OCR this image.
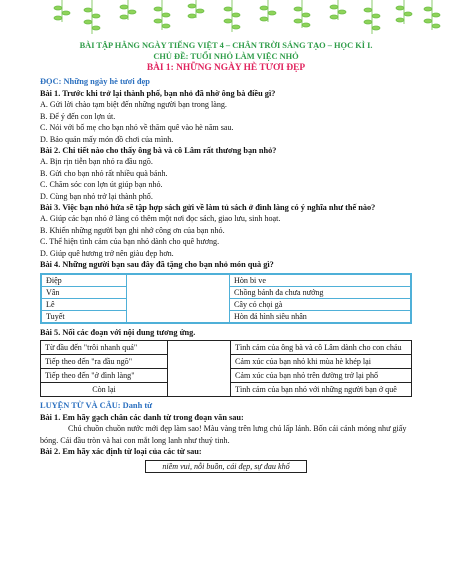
BÀI TẬP HẰNG NGÀY TIẾNG VIỆT 4 – CHÂN TRỜI SÁNG TẠO – HỌC KÌ I.
CHỦ ĐỀ: TUỔI NHỎ LÀM VIỆC NHỎ
BÀI 1: NHỮNG NGÀY HÈ TƯƠI ĐẸP
ĐỌC: Những ngày hè tươi đẹp
Bài 1. Trước khi trở lại thành phố, bạn nhỏ đã nhờ ông bà điều gì?
A. Gửi lời chào tạm biệt đến những người bạn trong làng.
B. Để ý đến con lợn út.
C. Nói với bố mẹ cho bạn nhỏ về thăm quê vào hè năm sau.
D. Bảo quản mấy món đồ chơi của mình.
Bài 2. Chi tiết nào cho thấy ông bà và cô Lâm rất thương bạn nhỏ?
A. Bịn rịn tiễn bạn nhỏ ra đầu ngõ.
B. Gửi cho bạn nhỏ rất nhiều quà bánh.
C. Chăm sóc con lợn út giúp bạn nhỏ.
D. Cùng bạn nhỏ trở lại thành phố.
Bài 3. Việc bạn nhỏ hứa sẽ tập hợp sách gửi về làm tủ sách ở đình làng có ý nghĩa như thế nào?
A. Giúp các bạn nhỏ ở làng có thêm một nơi đọc sách, giao lưu, sinh hoạt.
B. Khiến những người bạn ghi nhớ công ơn của bạn nhỏ.
C. Thể hiện tình cảm của bạn nhỏ dành cho quê hương.
D. Giúp quê hương trở nên giàu đẹp hơn.
Bài 4. Những người bạn sau đây đã tặng cho bạn nhỏ món quà gì?
Điệp		Hòn bi ve
Vân		Chồng bánh đa chưa nướng
Lê		Cây cỏ chọi gà
Tuyết		Hòn đá hình siêu nhân
Bài 5. Nối các đoạn với nội dung tương ứng.
Từ đầu đến "trôi nhanh quá"		Tình cảm của ông bà và cô Lâm dành cho con cháu
Tiếp theo đến "ra đầu ngõ"		Cảm xúc của bạn nhỏ khi mùa hè khép lại
Tiếp theo đến "ở đình làng"		Cảm xúc của bạn nhỏ trên đường trở lại phố
Còn lại		Tình cảm của bạn nhỏ với những người bạn ở quê
LUYỆN TỪ VÀ CÂU: Danh từ
Bài 1. Em hãy gạch chân các danh từ trong đoạn văn sau:
Chú chuồn chuồn nước mới đẹp làm sao! Màu vàng trên lưng chú lấp lánh. Bốn cái cánh mỏng như giấy bóng. Cái đầu tròn và hai con mắt long lanh như thuỷ tinh.
Bài 2. Em hãy xác định từ loại của các từ sau:
niềm vui, nỗi buồn, cái đẹp, sự đau khổ
